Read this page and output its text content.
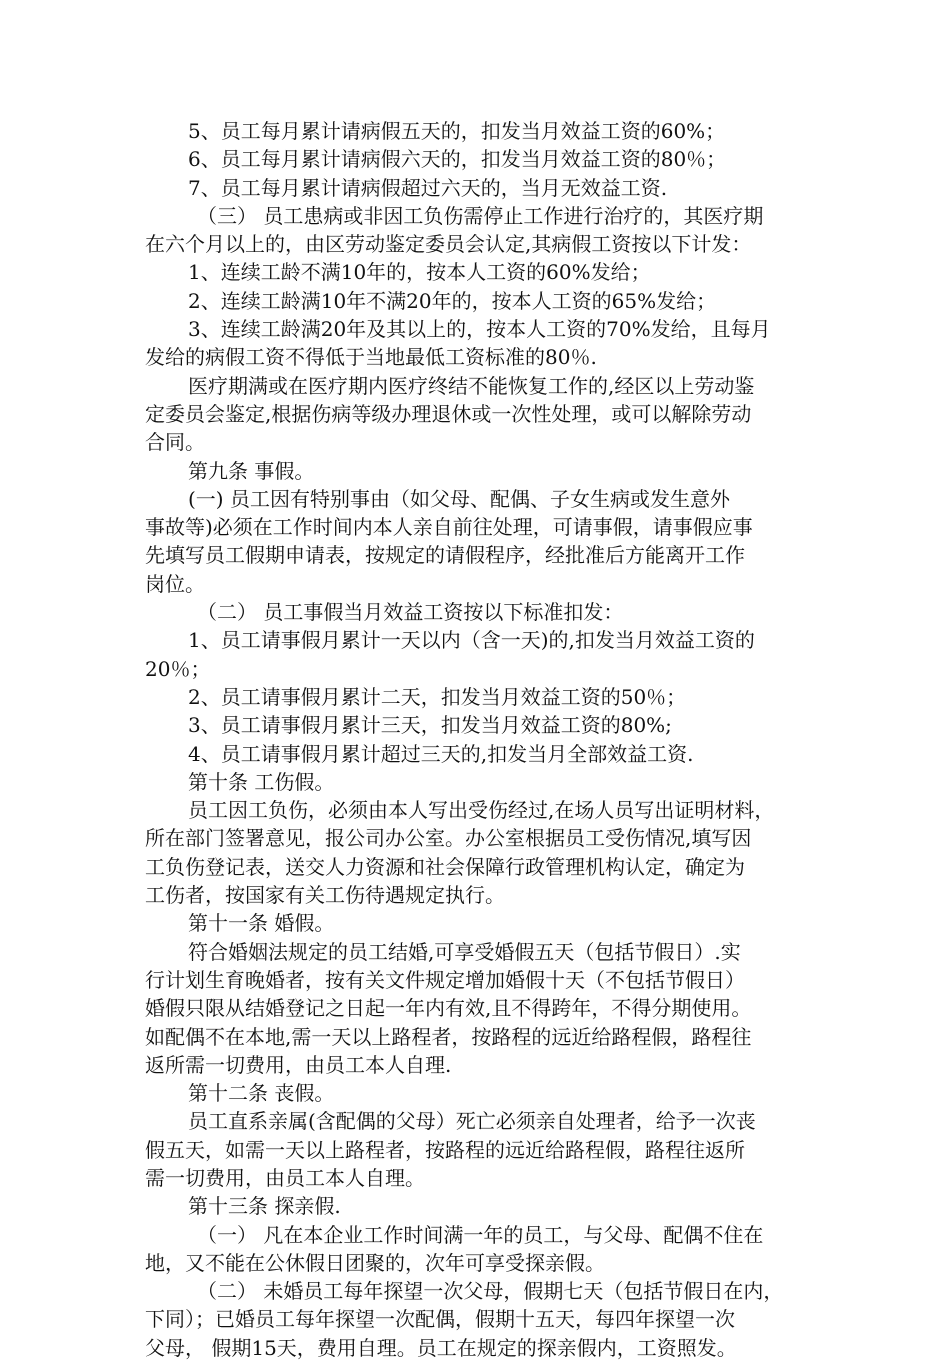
5、员工每月累计请病假五天的，扣发当月效益工资的60%；
6、员工每月累计请病假六天的，扣发当月效益工资的80％；
7、员工每月累计请病假超过六天的，当月无效益工资.
（三） 员工患病或非因工负伤需停止工作进行治疗的，其医疗期
在六个月以上的，由区劳动鉴定委员会认定,其病假工资按以下计发：
1、连续工龄不满10年的，按本人工资的60%发给；
2、连续工龄满10年不满20年的，按本人工资的65%发给；
3、连续工龄满20年及其以上的，按本人工资的70%发给，且每月
发给的病假工资不得低于当地最低工资标准的80％.
医疗期满或在医疗期内医疗终结不能恢复工作的,经区以上劳动鉴
定委员会鉴定,根据伤病等级办理退休或一次性处理，或可以解除劳动
合同。
第九条 事假。
(一) 员工因有特别事由（如父母、配偶、子女生病或发生意外
事故等)必须在工作时间内本人亲自前往处理，可请事假，请事假应事
先填写员工假期申请表，按规定的请假程序，经批准后方能离开工作
岗位。
（二） 员工事假当月效益工资按以下标准扣发：
1、员工请事假月累计一天以内（含一天)的,扣发当月效益工资的
20％；
2、员工请事假月累计二天，扣发当月效益工资的50％；
3、员工请事假月累计三天，扣发当月效益工资的80%;
4、员工请事假月累计超过三天的,扣发当月全部效益工资.
第十条 工伤假。
员工因工负伤，必须由本人写出受伤经过,在场人员写出证明材料，
所在部门签署意见，报公司办公室。办公室根据员工受伤情况,填写因
工负伤登记表，送交人力资源和社会保障行政管理机构认定，确定为
工伤者，按国家有关工伤待遇规定执行。
第十一条 婚假。
符合婚姻法规定的员工结婚,可享受婚假五天（包括节假日）.实
行计划生育晚婚者，按有关文件规定增加婚假十天（不包括节假日）
婚假只限从结婚登记之日起一年内有效,且不得跨年，不得分期使用。
如配偶不在本地,需一天以上路程者，按路程的远近给路程假，路程往
返所需一切费用，由员工本人自理.
第十二条 丧假。
员工直系亲属(含配偶的父母）死亡必须亲自处理者，给予一次丧
假五天，如需一天以上路程者，按路程的远近给路程假，路程往返所
需一切费用，由员工本人自理。
第十三条 探亲假.
（一） 凡在本企业工作时间满一年的员工，与父母、配偶不住在
地，又不能在公休假日团聚的，次年可享受探亲假。
（二） 未婚员工每年探望一次父母，假期七天（包括节假日在内，
下同）；已婚员工每年探望一次配偶，假期十五天，每四年探望一次
父母， 假期15天，费用自理。员工在规定的探亲假内，工资照发。
